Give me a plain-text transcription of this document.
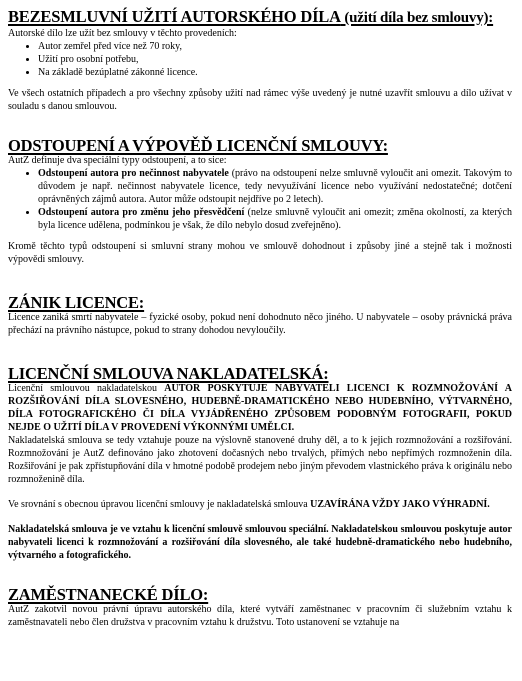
BEZESMLUVNÍ UŽITÍ AUTORSKÉHO DÍLA (užití díla bez smlouvy):

Autorské dílo lze užít bez smlouvy v těchto provedeních:

• Autor zemřel před více než 70 roky,
• Užití pro osobní potřebu,
• Na základě bezúplatné zákonné licence.

Ve všech ostatních případech a pro všechny způsoby užití nad rámec výše uvedený je nutné uzavřít smlouvu a dílo užívat v souladu s danou smlouvou.

ODSTOUPENÍ A VÝPOVĚĎ LICENČNÍ SMLOUVY:

AutZ definuje dva speciální typy odstoupení, a to sice:

• Odstoupení autora pro nečinnost nabyvatele (právo na odstoupení nelze smluvně vyloučit ani omezit. Takovým to důvodem je např. nečinnost nabyvatele licence, tedy nevyužívání licence nebo využívání nedostatečné; dotčení oprávněných zájmů autora. Autor může odstoupit nejdříve po 2 letech).
• Odstoupení autora pro změnu jeho přesvědčení (nelze smluvně vyloučit ani omezit; změna okolností, za kterých byla licence udělena, podmínkou je však, že dílo nebylo dosud zveřejněno).

Kromě těchto typů odstoupení si smluvní strany mohou ve smlouvě dohodnout i způsoby jiné a stejně tak i možnosti výpovědi smlouvy.

ZÁNIK LICENCE:

Licence zaniká smrtí nabyvatele – fyzické osoby, pokud není dohodnuto něco jiného. U nabyvatele – osoby právnická práva přechází na právního nástupce, pokud to strany dohodou nevyloučily.

LICENČNÍ SMLOUVA NAKLADATELSKÁ:

Licenční smlouvou nakladatelskou AUTOR POSKYTUJE NABYVATELI LICENCI K ROZMNOŽOVÁNÍ A ROZŠIŘOVÁNÍ DÍLA SLOVESNÉHO, HUDEBNĚ-DRAMATICKÉHO NEBO HUDEBNÍHO, VÝTVARNÉHO, DÍLA FOTOGRAFICKÉHO ČI DÍLA VYJÁDŘENÉHO ZPŮSOBEM PODOBNÝM FOTOGRAFII, POKUD NEJDE O UŽITÍ DÍLA V PROVEDENÍ VÝKONNÝMI UMĚLCI.

Nakladatelská smlouva se tedy vztahuje pouze na výslovně stanovené druhy děl, a to k jejich rozmnožování a rozšiřování. Rozmnožování je AutZ definováno jako zhotovení dočasných nebo trvalých, přímých nebo nepřímých rozmnoženin díla. Rozšiřování je pak zpřístupňování díla v hmotné podobě prodejem nebo jiným převodem vlastnického práva k originálu nebo rozmnoženině díla.

Ve srovnání s obecnou úpravou licenční smlouvy je nakladatelská smlouva UZAVÍRÁNA VŽDY JAKO VÝHRADNÍ.

Nakladatelská smlouva je ve vztahu k licenční smlouvě smlouvou speciální. Nakladatelskou smlouvou poskytuje autor nabyvateli licenci k rozmnožování a rozšiřování díla slovesného, ale také hudebně-dramatického nebo hudebního, výtvarného a fotografického.

ZAMĚSTNANECKÉ DÍLO:

AutZ zakotvil novou právní úpravu autorského díla, které vytváří zaměstnanec v pracovním či služebním vztahu k zaměstnavateli nebo člen družstva v pracovním vztahu k družstvu. Toto ustanovení se vztahuje na
